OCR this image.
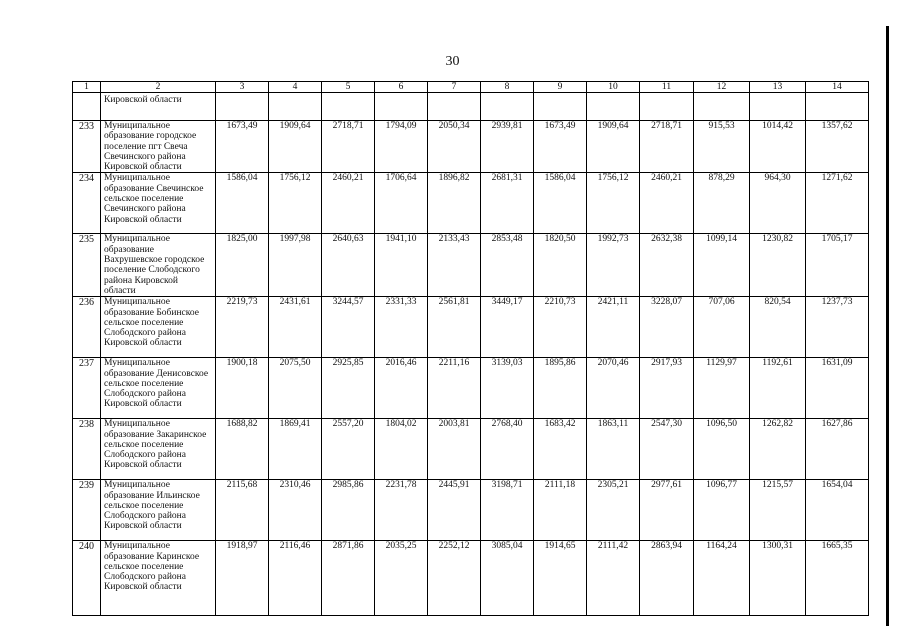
30
1	2	3	4	5	6	7	8	9	10	11	12	13	14
	Кировской области												
233	Муниципальное образование городское поселение пгт Свеча Свечинского района Кировской области	1673,49	1909,64	2718,71	1794,09	2050,34	2939,81	1673,49	1909,64	2718,71	915,53	1014,42	1357,62
234	Муниципальное образование Свечинское сельское поселение Свечинского района Кировской области	1586,04	1756,12	2460,21	1706,64	1896,82	2681,31	1586,04	1756,12	2460,21	878,29	964,30	1271,62
235	Муниципальное образование Вахрушевское городское поселение Слободского района Кировской области	1825,00	1997,98	2640,63	1941,10	2133,43	2853,48	1820,50	1992,73	2632,38	1099,14	1230,82	1705,17
236	Муниципальное образование Бобинское сельское поселение Слободского района Кировской области	2219,73	2431,61	3244,57	2331,33	2561,81	3449,17	2210,73	2421,11	3228,07	707,06	820,54	1237,73
237	Муниципальное образование Денисовское сельское поселение Слободского района Кировской области	1900,18	2075,50	2925,85	2016,46	2211,16	3139,03	1895,86	2070,46	2917,93	1129,97	1192,61	1631,09
238	Муниципальное образование Закаринское сельское поселение Слободского района Кировской области	1688,82	1869,41	2557,20	1804,02	2003,81	2768,40	1683,42	1863,11	2547,30	1096,50	1262,82	1627,86
239	Муниципальное образование Ильинское сельское поселение Слободского района Кировской области	2115,68	2310,46	2985,86	2231,78	2445,91	3198,71	2111,18	2305,21	2977,61	1096,77	1215,57	1654,04
240	Муниципальное образование Каринское сельское поселение Слободского района Кировской области	1918,97	2116,46	2871,86	2035,25	2252,12	3085,04	1914,65	2111,42	2863,94	1164,24	1300,31	1665,35
